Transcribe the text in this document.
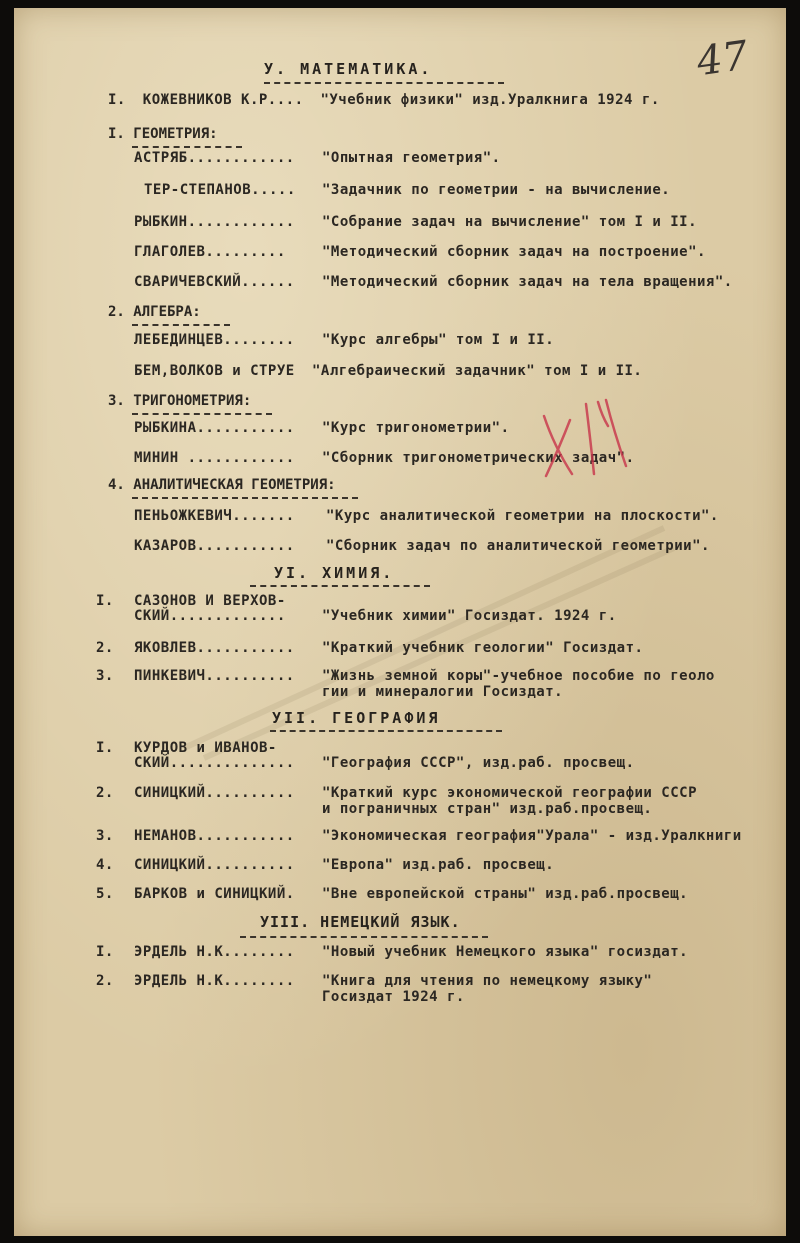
47
У. МАТЕМАТИКА.
I. КОЖЕВНИКОВ К.Р.... "Учебник физики" изд.Уралкнига 1924 г.
I. ГЕОМЕТРИЯ:
АСТРЯБ............ "Опытная геометрия".
ТЕР-СТЕПАНОВ..... "Задачник по геометрии - на вычисление.
РЫБКИН............ "Собрание задач на вычисление" том I и II.
ГЛАГОЛЕВ.........	"Методический сборник задач на построение".
СВАРИЧЕВСКИЙ...... "Методический сборник задач на тела вращения".
2. АЛГЕБРА:
ЛЕБЕДИНЦЕВ........ "Курс алгебры" том I и II.
БЕМ,ВОЛКОВ и СТРУЕ "Алгебраический задачник" том I и II.
3. ТРИГОНОМЕТРИЯ:
РЫБКИНА........... "Курс тригонометрии".
МИНИН ............ "Сборник тригонометрических задач".
4. АНАЛИТИЧЕСКАЯ ГЕОМЕТРИЯ:
ПЕНЬОЖКЕВИЧ....... "Курс аналитической геометрии на плоскости".
КАЗАРОВ........... "Сборник задач по аналитической геометрии".
УI. ХИМИЯ.
I. САЗОНОВ И ВЕРХОВ-
СКИЙ.............	"Учебник химии" Госиздат. 1924 г.
2. ЯКОВЛЕВ........... "Краткий учебник геологии" Госиздат.
3. ПИНКЕВИЧ.......... "Жизнь земной коры"-учебное пособие по геоло
гии и минералогии Госиздат.
УII. ГЕОГРАФИЯ
I. КУРДОВ и ИВАНОВ-
СКИЙ.............. "География СССР", изд.раб. просвещ.
2. СИНИЦКИЙ.......... "Краткий курс экономической географии СССР
и пограничных стран" изд.раб.просвещ.
3. НЕМАНОВ........... "Экономическая география"Урала" - изд.Уралкниги
4. СИНИЦКИЙ.......... "Европа" изд.раб. просвещ.
5. БАРКОВ и СИНИЦКИЙ. "Вне европейской страны" изд.раб.просвещ.
УIII. НЕМЕЦКИЙ ЯЗЫК.
I. ЭРДЕЛЬ Н.К........ "Новый учебник Немецкого языка" госиздат.
2. ЭРДЕЛЬ Н.К........ "Книга для чтения по немецкому языку"
Госиздат 1924 г.
